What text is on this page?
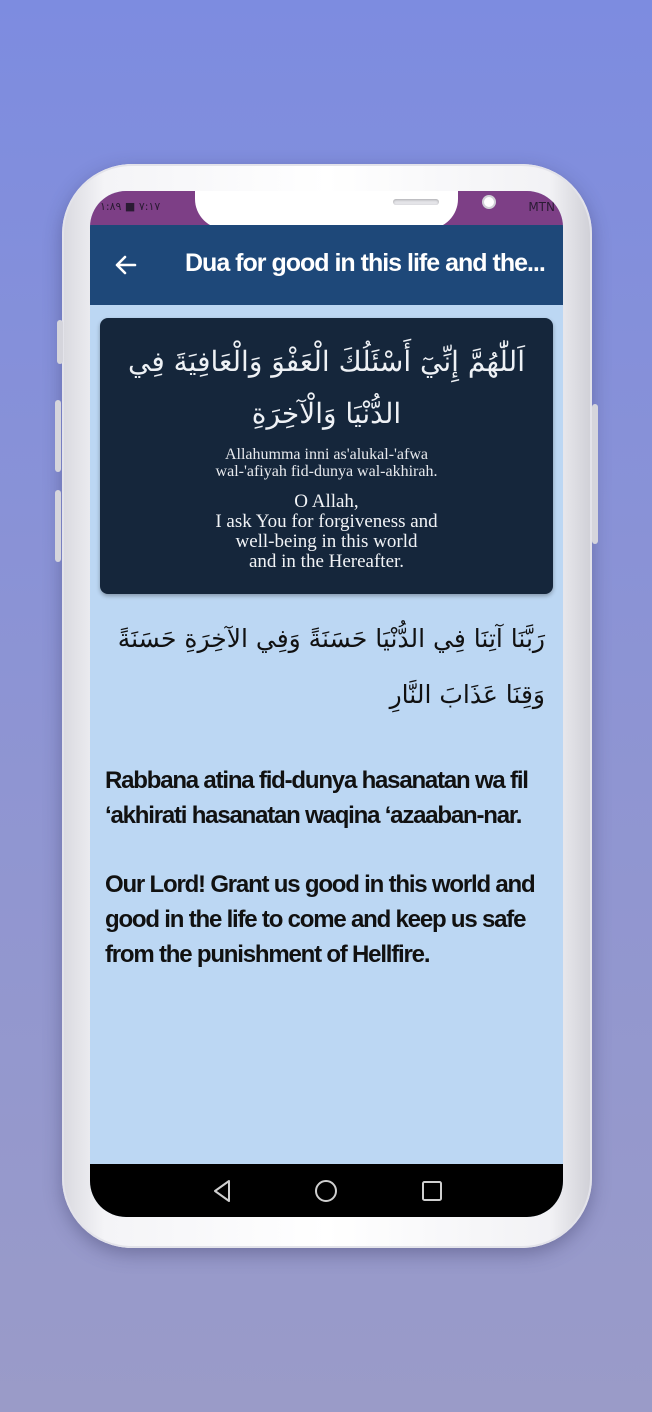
٧:١٧ ■ ١:٨٩	MTN
Dua for good in this life and the...
اَللّٰهُمَّ إِنِّيٓ أَسْئَلُكَ الْعَفْوَ وَالْعَافِيَةَ فِي الدُّنْيَا وَالْآخِرَةِ
Allahumma inni as'alukal-'afwa
wal-'afiyah fid-dunya wal-akhirah.
O Allah,
I ask You for forgiveness and
well-being in this world
and in the Hereafter.
رَبَّنَا آتِنَا فِي الدُّنْيَا حَسَنَةً وَفِي الآخِرَةِ حَسَنَةً وَقِنَا عَذَابَ النَّارِ
Rabbana atina fid-dunya hasanatan wa fil ‘akhirati hasanatan waqina ‘azaaban-nar.
Our Lord! Grant us good in this world and good in the life to come and keep us safe from the punishment of Hellfire.
